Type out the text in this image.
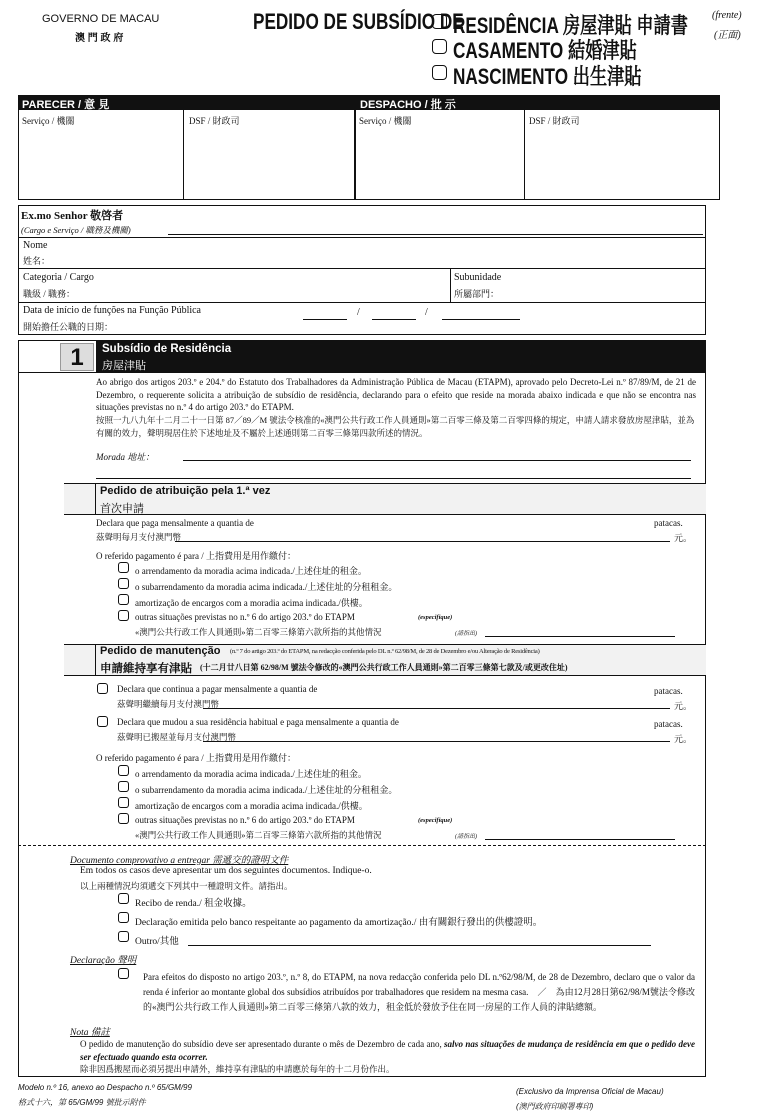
GOVERNO DE MACAU
澳 門 政 府
PEDIDO DE SUBSÍDIO DE
RESIDÊNCIA 房屋津貼 申請書
CASAMENTO 結婚津貼
NASCIMENTO 出生津貼
(frente)
(正面)
PARECER / 意 見	DESPACHO / 批 示
Serviço / 機關	DSF / 財政司	Serviço / 機關	DSF / 財政司
Ex.mo Senhor 敬啓者
(Cargo e Serviço / 職務及機關)
Nome
姓名：
Categoria / Cargo
職級 / 職務：
Subunidade
所屬部門：
Data de início de funções na Função Pública
開始擔任公職的日期：
/	/
1	Subsídio de Residência
房屋津貼
Ao abrigo dos artigos 203.º e 204.º do Estatuto dos Trabalhadores da Administração Pública de Macau (ETAPM), aprovado pelo Decreto-Lei n.º 87/89/M, de 21 de Dezembro, o requerente solicita a atribuição de subsídio de residência, declarando para o efeito que reside na morada abaixo indicada e que não se encontra nas situações previstas no n.º 4 do artigo 203.º do ETAPM.
按照一九八九年十二月二十一日第 87／89／M 號法令核准的«澳門公共行政工作人員通則»第二百零三條及第二百零四條的規定，申請人請求發放房屋津貼，並為有關的效力，聲明現居住於下述地址及不屬於上述通則第二百零三條第四款所述的情況。
Morada 地址：
Pedido de atribuição pela 1.ª vez
首次申請
Declara que paga mensalmente a quantia de
茲聲明每月支付澳門幣
patacas.
元。
O referido pagamento é para / 上指費用是用作繳付：
o arrendamento da moradia acima indicada./上述住址的租金。
o subarrendamento da moradia acima indicada./上述住址的分租租金。
amortização de encargos com a moradia acima indicada./供樓。
outras situações previstas no n.º 6 do artigo 203.º do ETAPM	(especifique)
«澳門公共行政工作人員通則»第二百零三條第六款所指的其他情況	(請指出)
Pedido de manutenção (n.º 7 do artigo 203.º do ETAPM, na redacção conferida pelo DL n.º 62/98/M, de 28 de Dezembro e/ou Alteração de Residência)
申請維持享有津貼 (十二月廿八日第 62/98/M 號法令修改的«澳門公共行政工作人員通則»第二百零三條第七款及/或更改住址)
Declara que continua a pagar mensalmente a quantia de
茲聲明繼續每月支付澳門幣
patacas.
元。
Declara que mudou a sua residência habitual e paga mensalmente a quantia de
茲聲明已搬屋並每月支付澳門幣
patacas.
元。
O referido pagamento é para / 上指費用是用作繳付：
o arrendamento da moradia acima indicada./上述住址的租金。
o subarrendamento da moradia acima indicada./上述住址的分租租金。
amortização de encargos com a moradia acima indicada./供樓。
outras situações previstas no n.º 6 do artigo 203.º do ETAPM	(especifique)
«澳門公共行政工作人員通則»第二百零三條第六款所指的其他情況	(請指出)
Documento comprovativo a entregar 需遞交的證明文件
Em todos os casos deve apresentar um dos seguintes documentos. Indique-o.
以上兩種情況均須遞交下列其中一種證明文件。請指出。
Recibo de renda./ 租金收據。
Declaração emitida pelo banco respeitante ao pagamento da amortização./ 由有關銀行發出的供樓證明。
Outro/其他
Declaração 聲明
Para efeitos do disposto no artigo 203.º, n.º 8, do ETAPM, na nova redacção conferida pelo DL n.º62/98/M, de 28 de Dezembro, declaro que o valor da renda é inferior ao montante global dos subsídios atribuídos por trabalhadores que residem na mesma casa.　／　為由12月28日第62/98/M號法令修改的«澳門公共行政工作人員通則»第二百零三條第八款的效力，租金低於發放予住在同一房屋的工作人員的津貼總額。
Nota 備註
O pedido de manutenção do subsídio deve ser apresentado durante o mês de Dezembro de cada ano, salvo nas situações de mudança de residência em que o pedido deve ser efectuado quando esta ocorrer.
除非因爲搬屋而必須另提出申請外，維持享有津貼的申請應於每年的十二月份作出。
Modelo n.º 16, anexo ao Despacho n.º 65/GM/99
格式十六，第 65/GM/99 號批示附件
(Exclusivo da Imprensa Oficial de Macau)
(澳門政府印刷署專印)
